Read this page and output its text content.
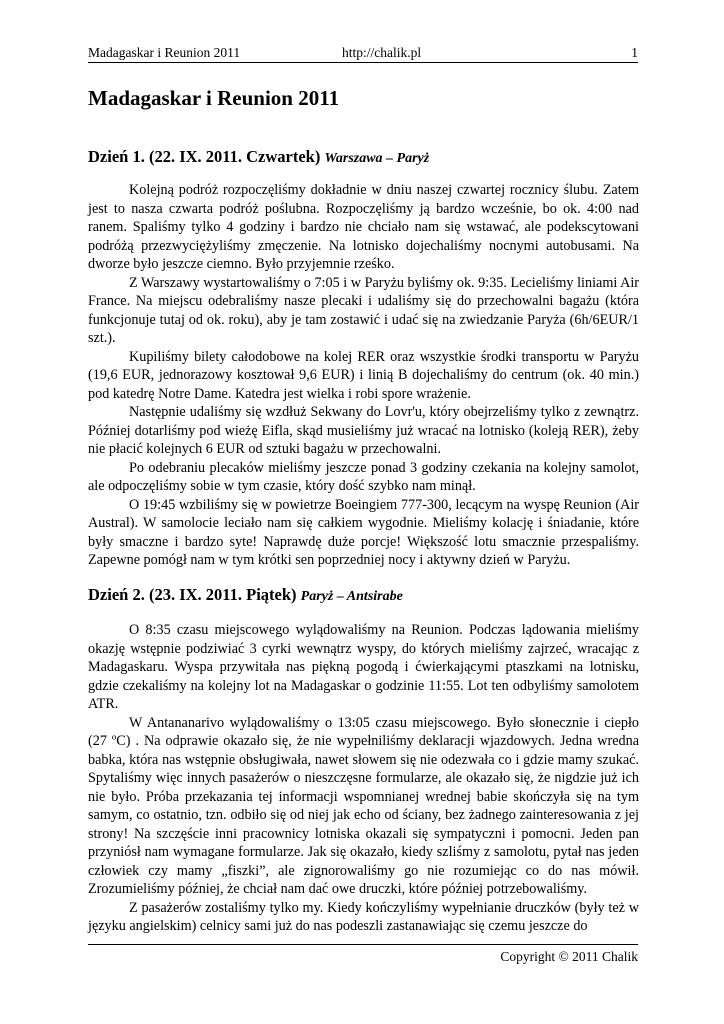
Madagaskar i Reunion 2011	http://chalik.pl	1
Madagaskar i Reunion 2011
Dzień 1. (22. IX. 2011. Czwartek) Warszawa – Paryż

Kolejną podróż rozpoczęliśmy dokładnie w dniu naszej czwartej rocznicy ślubu. Zatem jest to nasza czwarta podróż poślubna. Rozpoczęliśmy ją bardzo wcześnie, bo ok. 4:00 nad ranem. Spaliśmy tylko 4 godziny i bardzo nie chciało nam się wstawać, ale podekscytowani podróżą przezwyciężyliśmy zmęczenie. Na lotnisko dojechaliśmy nocnymi autobusami. Na dworze było jeszcze ciemno. Było przyjemnie rześko.

Z Warszawy wystartowaliśmy o 7:05 i w Paryżu byliśmy ok. 9:35. Lecieliśmy liniami Air France. Na miejscu odebraliśmy nasze plecaki i udaliśmy się do przechowalni bagażu (która funkcjonuje tutaj od ok. roku), aby je tam zostawić i udać się na zwiedzanie Paryża (6h/6EUR/1 szt.).

Kupiliśmy bilety całodobowe na kolej RER oraz wszystkie środki transportu w Paryżu (19,6 EUR, jednorazowy kosztował 9,6 EUR) i linią B dojechaliśmy do centrum (ok. 40 min.) pod katedrę Notre Dame. Katedra jest wielka i robi spore wrażenie.

Następnie udaliśmy się wzdłuż Sekwany do Lovr'u, który obejrzeliśmy tylko z zewnątrz. Później dotarliśmy pod wieżę Eifla, skąd musieliśmy już wracać na lotnisko (koleją RER), żeby nie płacić kolejnych 6 EUR od sztuki bagażu w przechowalni.

Po odebraniu plecaków mieliśmy jeszcze ponad 3 godziny czekania na kolejny samolot, ale odpoczęliśmy sobie w tym czasie, który dość szybko nam minął.

O 19:45 wzbiliśmy się w powietrze Boeingiem 777-300, lecącym na wyspę Reunion (Air Austral). W samolocie leciało nam się całkiem wygodnie. Mieliśmy kolację i śniadanie, które były smaczne i bardzo syte! Naprawdę duże porcje! Większość lotu smacznie przespaliśmy. Zapewne pomógł nam w tym krótki sen poprzedniej nocy i aktywny dzień w Paryżu.

Dzień 2. (23. IX. 2011. Piątek) Paryż – Antsirabe

O 8:35 czasu miejscowego wylądowaliśmy na Reunion. Podczas lądowania mieliśmy okazję wstępnie podziwiać 3 cyrki wewnątrz wyspy, do których mieliśmy zajrzeć, wracając z Madagaskaru. Wyspa przywitała nas piękną pogodą i ćwierkającymi ptaszkami na lotnisku, gdzie czekaliśmy na kolejny lot na Madagaskar o godzinie 11:55. Lot ten odbyliśmy samolotem ATR.

W Antananarivo wylądowaliśmy o 13:05 czasu miejscowego. Było słonecznie i ciepło (27 ºC) . Na odprawie okazało się, że nie wypełniliśmy deklaracji wjazdowych. Jedna wredna babka, która nas wstępnie obsługiwała, nawet słowem się nie odezwała co i gdzie mamy szukać. Spytaliśmy więc innych pasażerów o nieszczęsne formularze, ale okazało się, że nigdzie już ich nie było. Próba przekazania tej informacji wspomnianej wrednej babie skończyła się na tym samym, co ostatnio, tzn. odbiło się od niej jak echo od ściany, bez żadnego zainteresowania z jej strony! Na szczęście inni pracownicy lotniska okazali się sympatyczni i pomocni. Jeden pan przyniósł nam wymagane formularze. Jak się okazało, kiedy szliśmy z samolotu, pytał nas jeden człowiek czy mamy „fiszki”, ale zignorowaliśmy go nie rozumiejąc co do nas mówił. Zrozumieliśmy później, że chciał nam dać owe druczki, które później potrzebowaliśmy.

Z pasażerów zostaliśmy tylko my. Kiedy kończyliśmy wypełnianie druczków (były też w języku angielskim) celnicy sami już do nas podeszli zastanawiając się czemu jeszcze do

Copyright © 2011 Chalik
